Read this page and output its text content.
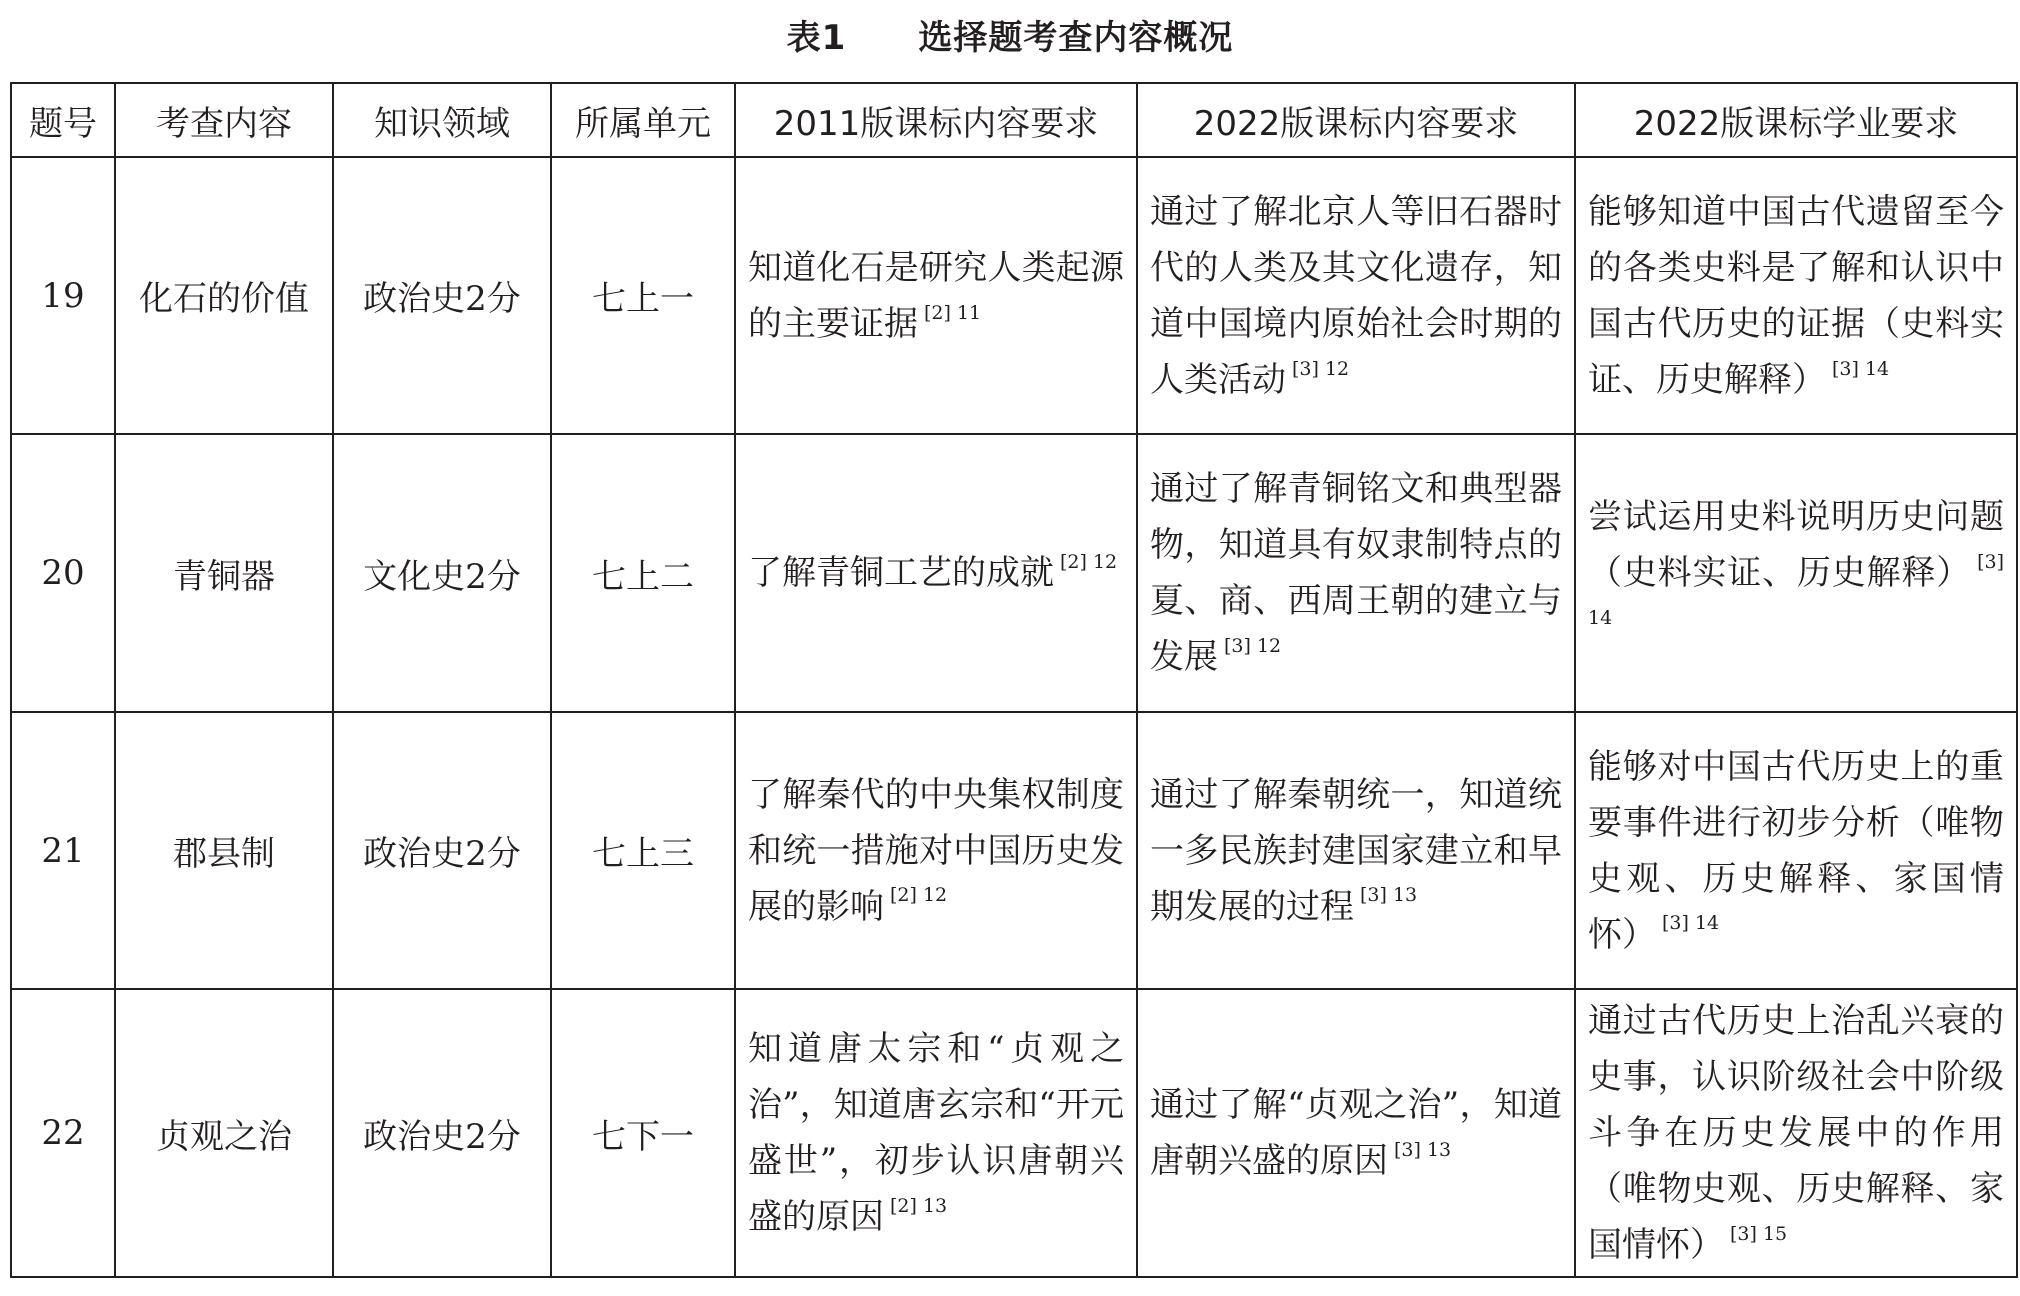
表1 选择题考查内容概况
题号	考查内容	知识领域	所属单元	2011版课标内容要求	2022版课标内容要求	2022版课标学业要求
19	化石的价值	政治史2分	七上一	知道化石是研究人类起源的主要证据 $^{[2] 11}$	通过了解北京人等旧石器时代的人类及其文化遗存，知道中国境内原始社会时期的人类活动 $^{[3] 12}$	能够知道中国古代遗留至今的各类史料是了解和认识中国古代历史的证据（史料实证、历史解释） $^{[3] 14}$
20	青铜器	文化史2分	七上二	了解青铜工艺的成就 $^{[2] 12}$	通过了解青铜铭文和典型器物，知道具有奴隶制特点的夏、商、西周王朝的建立与发展 $^{[3] 12}$	尝试运用史料说明历史问题（史料实证、历史解释） $^{[3] 14}$
21	郡县制	政治史2分	七上三	了解秦代的中央集权制度和统一措施对中国历史发展的影响 $^{[2] 12}$	通过了解秦朝统一，知道统一多民族封建国家建立和早期发展的过程 $^{[3] 13}$	能够对中国古代历史上的重要事件进行初步分析（唯物史观、历史解释、家国情怀） $^{[3] 14}$
22	贞观之治	政治史2分	七下一	知道唐太宗和“贞观之治”，知道唐玄宗和“开元盛世”，初步认识唐朝兴盛的原因 $^{[2] 13}$	通过了解“贞观之治”，知道唐朝兴盛的原因 $^{[3] 13}$	通过古代历史上治乱兴衰的史事，认识阶级社会中阶级斗争在历史发展中的作用（唯物史观、历史解释、家国情怀） $^{[3] 15}$
